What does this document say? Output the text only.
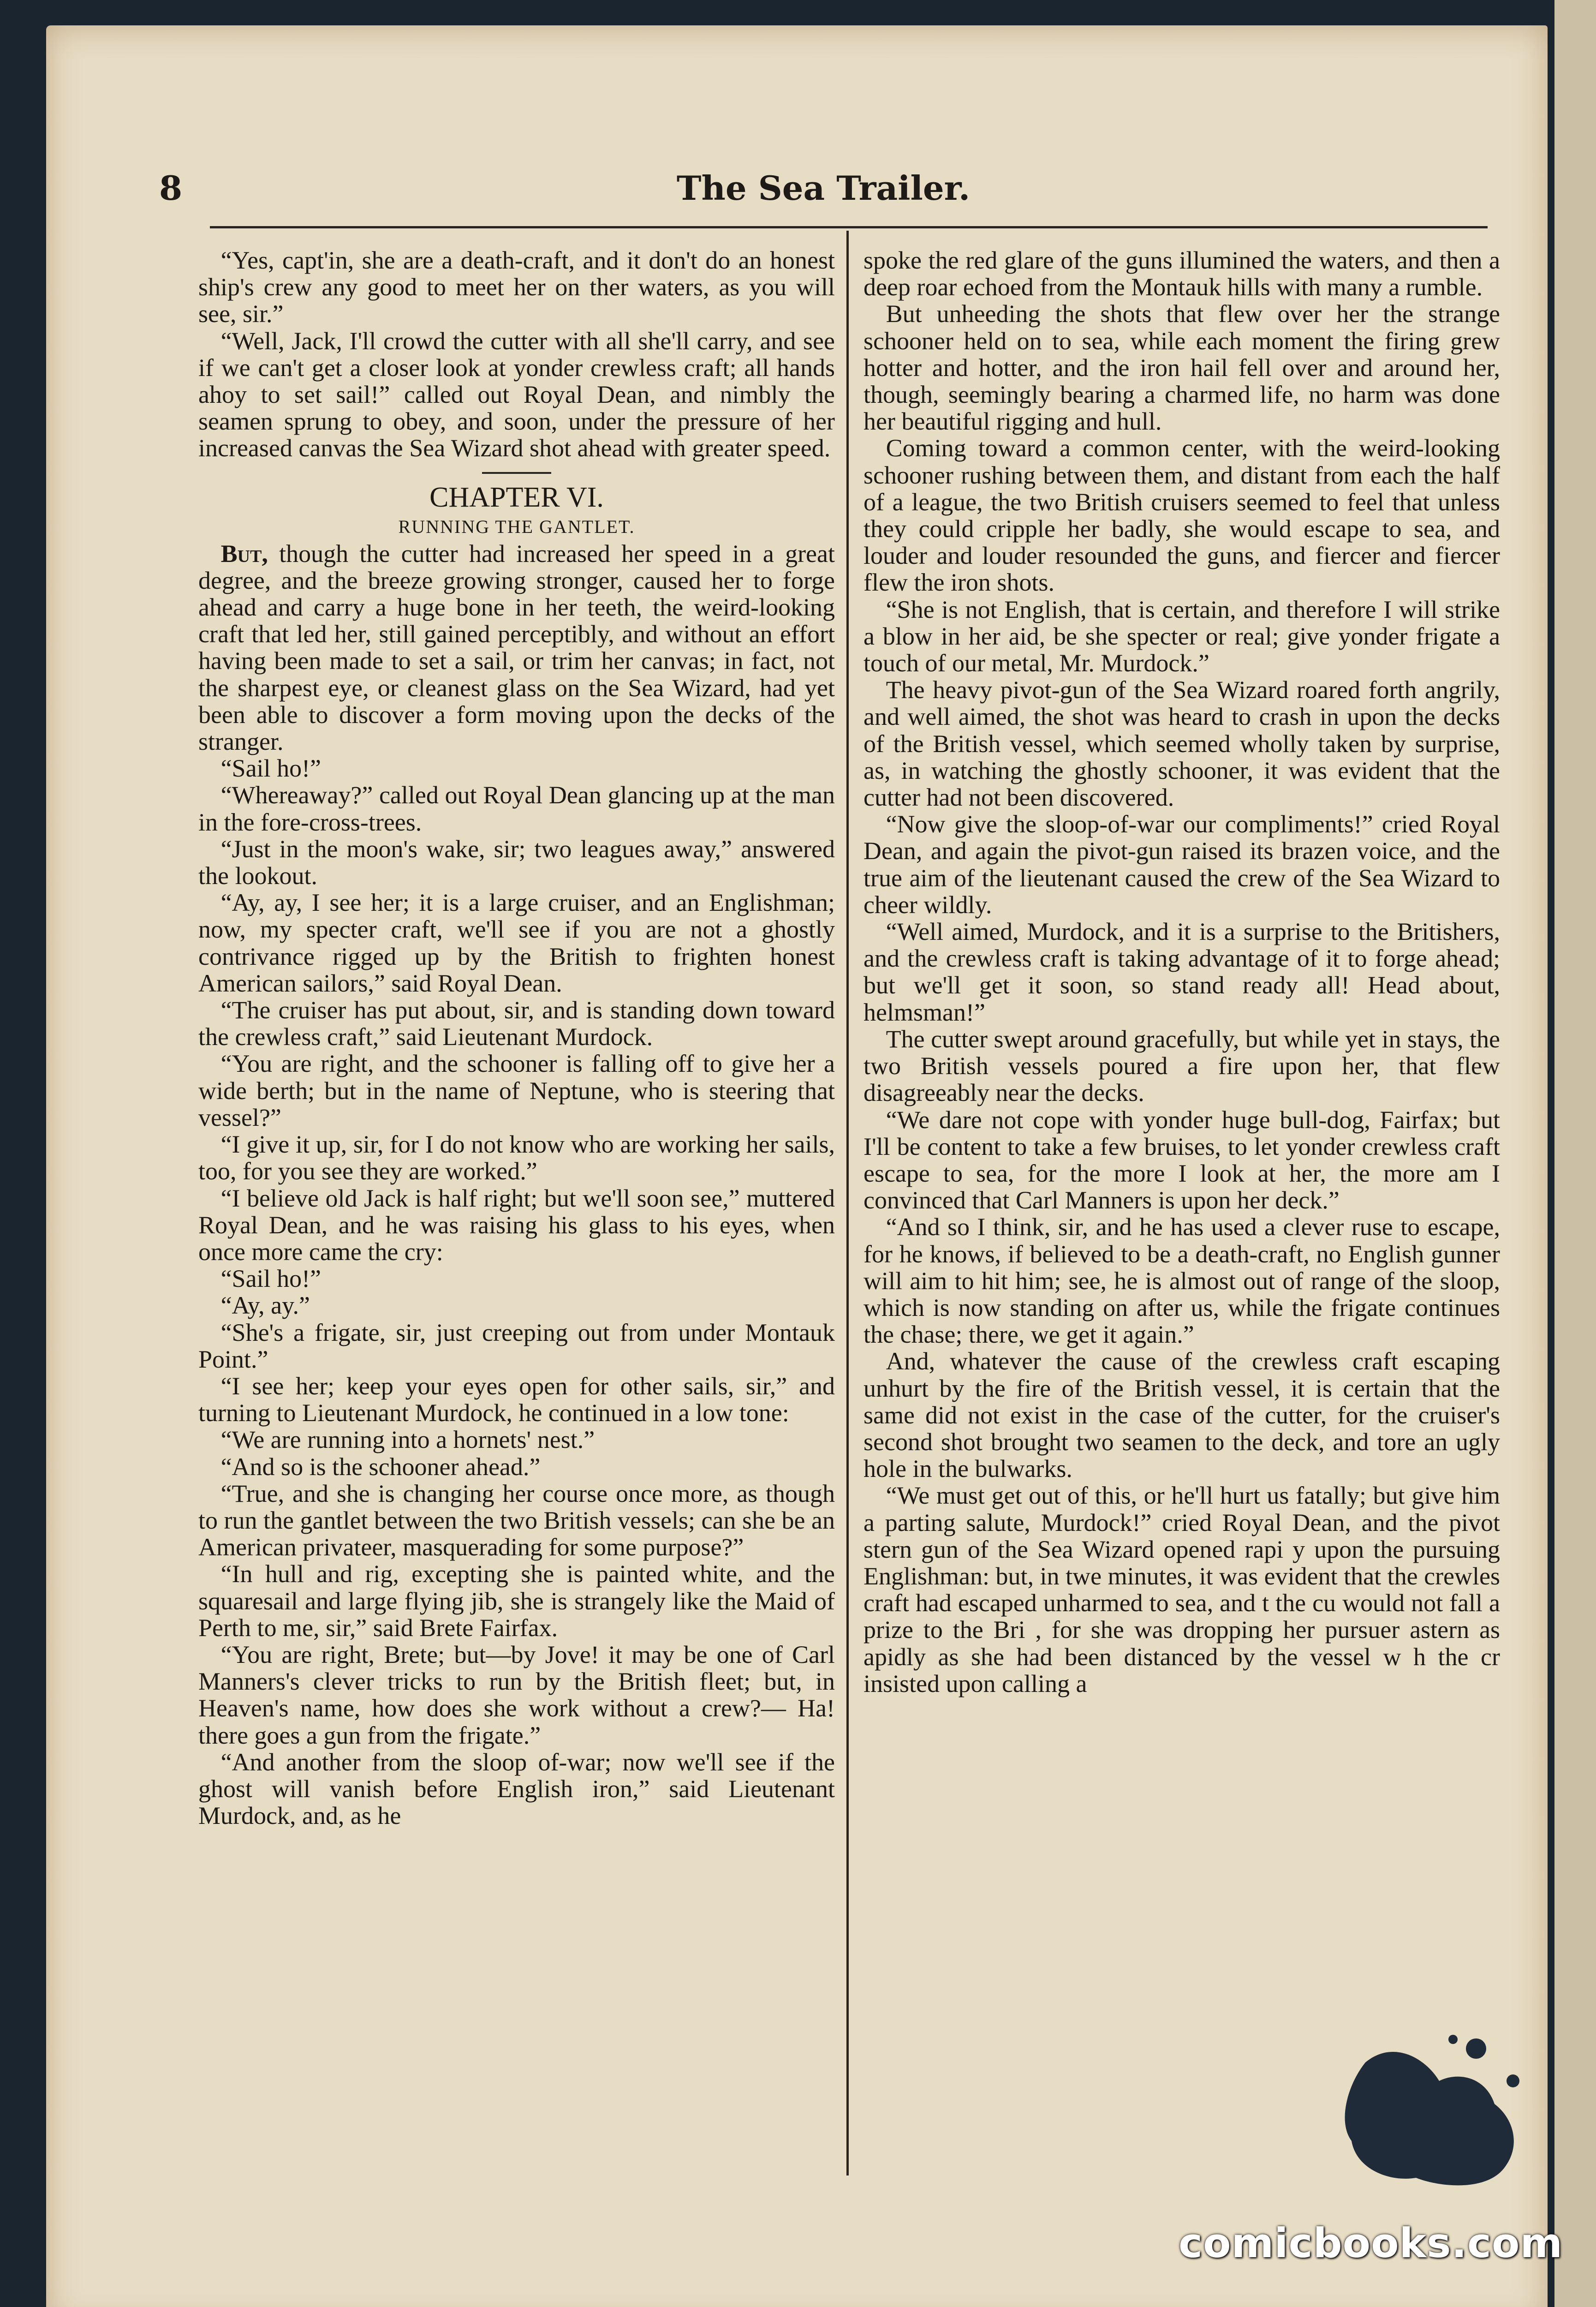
8	The Sea Trailer.

“Yes, capt'in, she are a death-craft, and it don't do an honest ship's crew any good to meet her on ther waters, as you will see, sir.”

“Well, Jack, I'll crowd the cutter with all she'll carry, and see if we can't get a closer look at yonder crewless craft; all hands ahoy to set sail!” called out Royal Dean, and nimbly the seamen sprung to obey, and soon, under the pressure of her increased canvas the Sea Wizard shot ahead with greater speed.

CHAPTER VI.

RUNNING THE GANTLET.

But, though the cutter had increased her speed in a great degree, and the breeze growing stronger, caused her to forge ahead and carry a huge bone in her teeth, the weird-looking craft that led her, still gained perceptibly, and without an effort having been made to set a sail, or trim her canvas; in fact, not the sharpest eye, or cleanest glass on the Sea Wizard, had yet been able to discover a form moving upon the decks of the stranger.

“Sail ho!”

“Whereaway?” called out Royal Dean glancing up at the man in the fore-cross-trees.

“Just in the moon's wake, sir; two leagues away,” answered the lookout.

“Ay, ay, I see her; it is a large cruiser, and an Englishman; now, my specter craft, we'll see if you are not a ghostly contrivance rigged up by the British to frighten honest American sailors,” said Royal Dean.

“The cruiser has put about, sir, and is standing down toward the crewless craft,” said Lieutenant Murdock.

“You are right, and the schooner is falling off to give her a wide berth; but in the name of Neptune, who is steering that vessel?”

“I give it up, sir, for I do not know who are working her sails, too, for you see they are worked.”

“I believe old Jack is half right; but we'll soon see,” muttered Royal Dean, and he was raising his glass to his eyes, when once more came the cry:

“Sail ho!”

“Ay, ay.”

“She's a frigate, sir, just creeping out from under Montauk Point.”

“I see her; keep your eyes open for other sails, sir,” and turning to Lieutenant Murdock, he continued in a low tone:

“We are running into a hornets' nest.”

“And so is the schooner ahead.”

“True, and she is changing her course once more, as though to run the gantlet between the two British vessels; can she be an American privateer, masquerading for some purpose?”

“In hull and rig, excepting she is painted white, and the squaresail and large flying jib, she is strangely like the Maid of Perth to me, sir,” said Brete Fairfax.

“You are right, Brete; but—by Jove! it may be one of Carl Manners's clever tricks to run by the British fleet; but, in Heaven's name, how does she work without a crew?— Ha! there goes a gun from the frigate.”

“And another from the sloop of-war; now we'll see if the ghost will vanish before English iron,” said Lieutenant Murdock, and, as he

spoke the red glare of the guns illumined the waters, and then a deep roar echoed from the Montauk hills with many a rumble.

But unheeding the shots that flew over her the strange schooner held on to sea, while each moment the firing grew hotter and hotter, and the iron hail fell over and around her, though, seemingly bearing a charmed life, no harm was done her beautiful rigging and hull.

Coming toward a common center, with the weird-looking schooner rushing between them, and distant from each the half of a league, the two British cruisers seemed to feel that unless they could cripple her badly, she would escape to sea, and louder and louder resounded the guns, and fiercer and fiercer flew the iron shots.

“She is not English, that is certain, and therefore I will strike a blow in her aid, be she specter or real; give yonder frigate a touch of our metal, Mr. Murdock.”

The heavy pivot-gun of the Sea Wizard roared forth angrily, and well aimed, the shot was heard to crash in upon the decks of the British vessel, which seemed wholly taken by surprise, as, in watching the ghostly schooner, it was evident that the cutter had not been discovered.

“Now give the sloop-of-war our compliments!” cried Royal Dean, and again the pivot-gun raised its brazen voice, and the true aim of the lieutenant caused the crew of the Sea Wizard to cheer wildly.

“Well aimed, Murdock, and it is a surprise to the Britishers, and the crewless craft is taking advantage of it to forge ahead; but we'll get it soon, so stand ready all! Head about, helmsman!”

The cutter swept around gracefully, but while yet in stays, the two British vessels poured a fire upon her, that flew disagreeably near the decks.

“We dare not cope with yonder huge bull-dog, Fairfax; but I'll be content to take a few bruises, to let yonder crewless craft escape to sea, for the more I look at her, the more am I convinced that Carl Manners is upon her deck.”

“And so I think, sir, and he has used a clever ruse to escape, for he knows, if believed to be a death-craft, no English gunner will aim to hit him; see, he is almost out of range of the sloop, which is now standing on after us, while the frigate continues the chase; there, we get it again.”

And, whatever the cause of the crewless craft escaping unhurt by the fire of the British vessel, it is certain that the same did not exist in the case of the cutter, for the cruiser's second shot brought two seamen to the deck, and tore an ugly hole in the bulwarks.

“We must get out of this, or he'll hurt us fatally; but give him a parting salute, Murdock!” cried Royal Dean, and the pivot stern gun of the Sea Wizard opened rapi y upon the pursuing Englishman: but, in twe minutes, it was evident that the crewles craft had escaped unharmed to sea, and t the cu would not fall a prize to the Bri , for she was dropping her pursuer astern as apidly as she had been distanced by the vessel w h the cr insisted upon calling a

comicbooks.com
